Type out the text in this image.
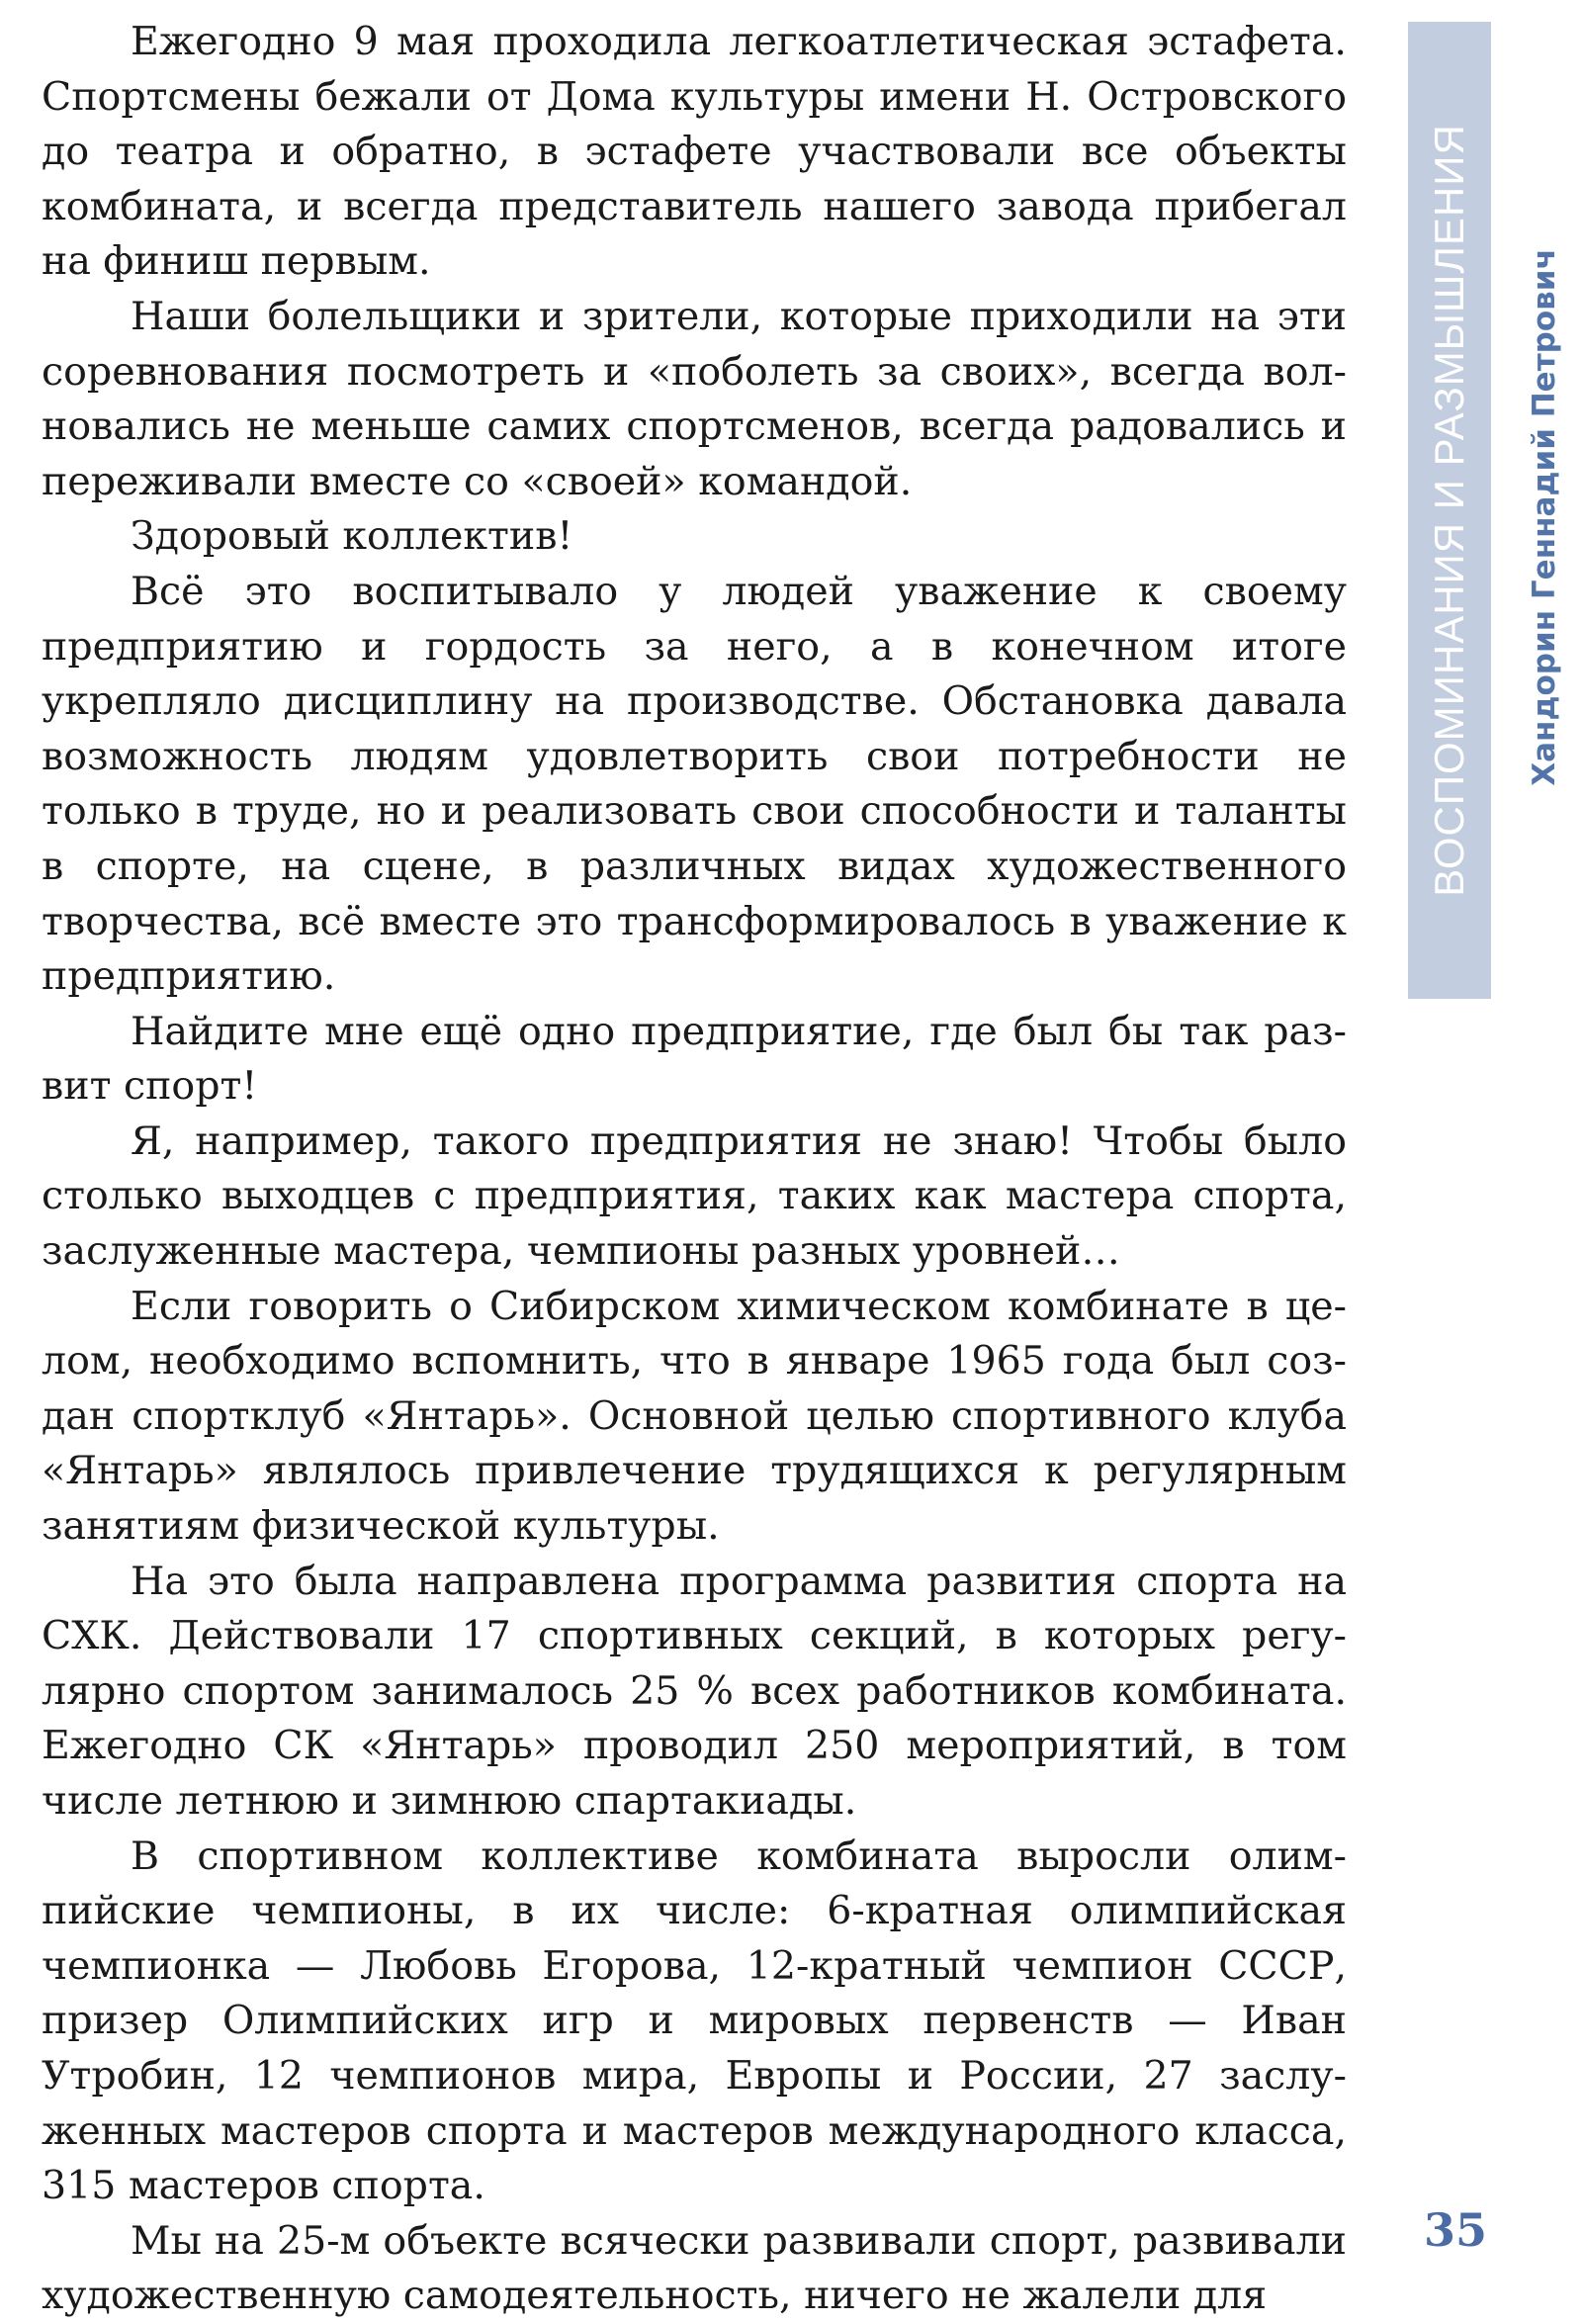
Ежегодно 9 мая проходила легкоатлетическая эстафета. Спортсмены бежали от Дома культуры имени Н. Островского до театра и обратно, в эстафете участвовали все объекты комбината, и всегда представитель нашего завода прибегал на финиш первым.

Наши болельщики и зрители, которые приходили на эти соревнования посмотреть и «поболеть за своих», всегда волновались не меньше самих спортсменов, всегда радовались и переживали вместе со «своей» командой.

Здоровый коллектив!

Всё это воспитывало у людей уважение к своему предприятию и гордость за него, а в конечном итоге укрепляло дисциплину на производстве. Обстановка давала возможность людям удовлетворить свои потребности не только в труде, но и реализовать свои способности и таланты в спорте, на сцене, в различных видах художественного творчества, всё вместе это трансформировалось в уважение к предприятию.

Найдите мне ещё одно предприятие, где был бы так развит спорт!

Я, например, такого предприятия не знаю! Чтобы было столько выходцев с предприятия, таких как мастера спорта, заслуженные мастера, чемпионы разных уровней…

Если говорить о Сибирском химическом комбинате в целом, необходимо вспомнить, что в январе 1965 года был создан спортклуб «Янтарь». Основной целью спортивного клуба «Янтарь» являлось привлечение трудящихся к регулярным занятиям физической культуры.

На это была направлена программа развития спорта на СХК. Действовали 17 спортивных секций, в которых регулярно спортом занималось 25 % всех работников комбината. Ежегодно СК «Янтарь» проводил 250 мероприятий, в том числе летнюю и зимнюю спартакиады.

В спортивном коллективе комбината выросли олимпийские чемпионы, в их числе: 6-кратная олимпийская чемпионка — Любовь Егорова, 12-кратный чемпион СССР, призер Олимпийских игр и мировых первенств — Иван Утробин, 12 чемпионов мира, Европы и России, 27 заслуженных мастеров спорта и мастеров международного класса, 315 мастеров спорта.

Мы на 25-м объекте всячески развивали спорт, развивали художественную самодеятельность, ничего не жалели для

ВОСПОМИНАНИЯ И РАЗМЫШЛЕНИЯ Хандорин Геннадий Петрович
35
